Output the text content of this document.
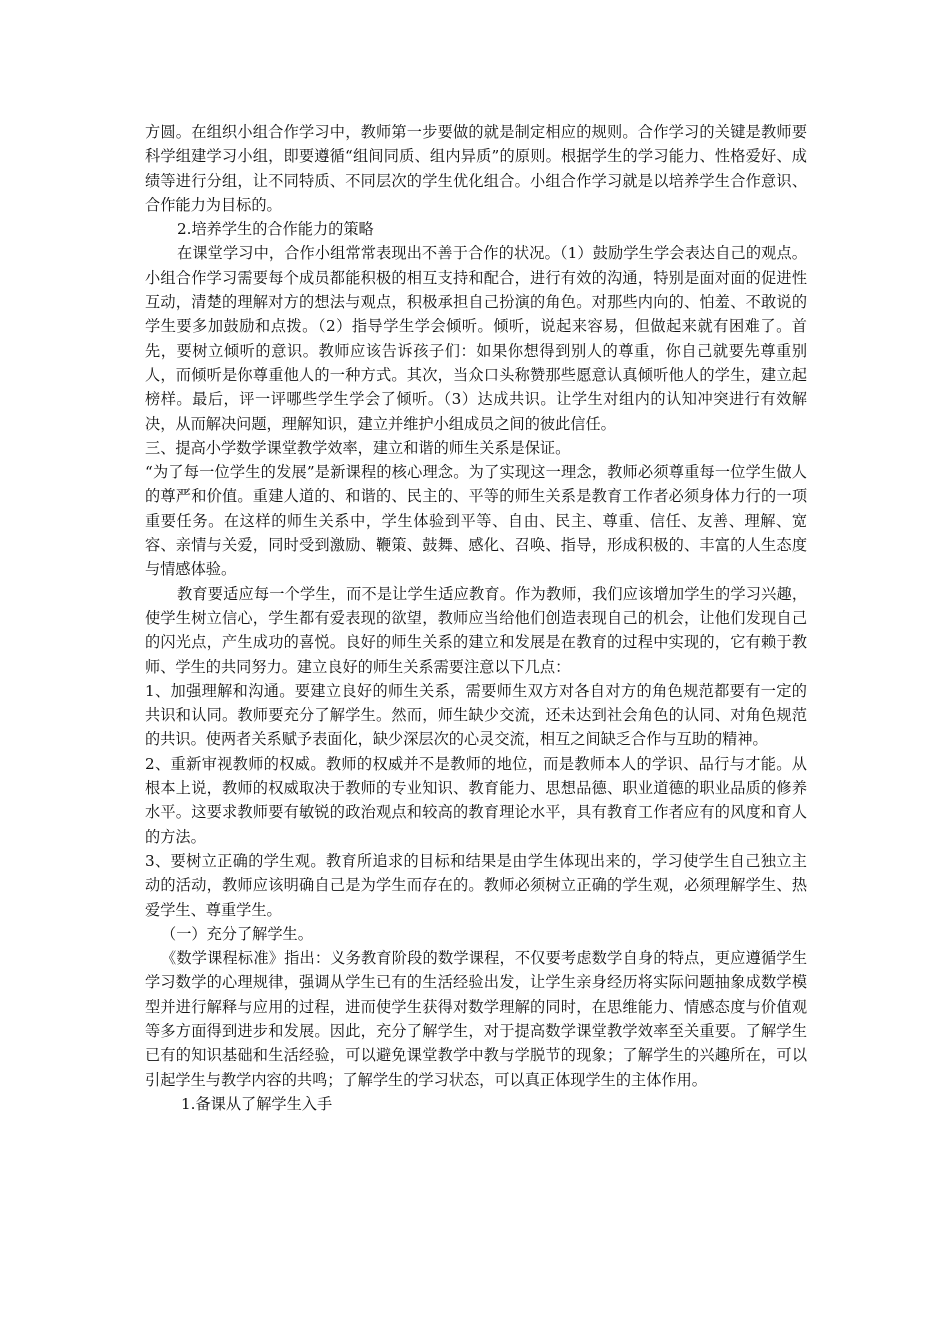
方圆。在组织小组合作学习中，教师第一步要做的就是制定相应的规则。合作学习的关键是教师要科学组建学习小组，即要遵循“组间同质、组内异质”的原则。根据学生的学习能力、性格爱好、成绩等进行分组，让不同特质、不同层次的学生优化组合。小组合作学习就是以培养学生合作意识、合作能力为目标的。

2.培养学生的合作能力的策略

在课堂学习中，合作小组常常表现出不善于合作的状况。（1）鼓励学生学会表达自己的观点。小组合作学习需要每个成员都能积极的相互支持和配合，进行有效的沟通，特别是面对面的促进性互动，清楚的理解对方的想法与观点，积极承担自己扮演的角色。对那些内向的、怕羞、不敢说的学生要多加鼓励和点拨。（2）指导学生学会倾听。倾听，说起来容易，但做起来就有困难了。首先，要树立倾听的意识。教师应该告诉孩子们：如果你想得到别人的尊重，你自己就要先尊重别人，而倾听是你尊重他人的一种方式。其次，当众口头称赞那些愿意认真倾听他人的学生，建立起榜样。最后，评一评哪些学生学会了倾听。（3）达成共识。让学生对组内的认知冲突进行有效解决，从而解决问题，理解知识，建立并维护小组成员之间的彼此信任。

三、提高小学数学课堂教学效率，建立和谐的师生关系是保证。

“为了每一位学生的发展”是新课程的核心理念。为了实现这一理念，教师必须尊重每一位学生做人的尊严和价值。重建人道的、和谐的、民主的、平等的师生关系是教育工作者必须身体力行的一项重要任务。在这样的师生关系中，学生体验到平等、自由、民主、尊重、信任、友善、理解、宽容、亲情与关爱，同时受到激励、鞭策、鼓舞、感化、召唤、指导，形成积极的、丰富的人生态度与情感体验。

教育要适应每一个学生，而不是让学生适应教育。作为教师，我们应该增加学生的学习兴趣，使学生树立信心，学生都有爱表现的欲望，教师应当给他们创造表现自己的机会，让他们发现自己的闪光点，产生成功的喜悦。良好的师生关系的建立和发展是在教育的过程中实现的，它有赖于教师、学生的共同努力。建立良好的师生关系需要注意以下几点：

1、加强理解和沟通。要建立良好的师生关系，需要师生双方对各自对方的角色规范都要有一定的共识和认同。教师要充分了解学生。然而，师生缺少交流，还未达到社会角色的认同、对角色规范的共识。使两者关系赋予表面化，缺少深层次的心灵交流，相互之间缺乏合作与互助的精神。

2、重新审视教师的权威。教师的权威并不是教师的地位，而是教师本人的学识、品行与才能。从根本上说，教师的权威取决于教师的专业知识、教育能力、思想品德、职业道德的职业品质的修养水平。这要求教师要有敏锐的政治观点和较高的教育理论水平，具有教育工作者应有的风度和育人的方法。

3、要树立正确的学生观。教育所追求的目标和结果是由学生体现出来的，学习使学生自己独立主动的活动，教师应该明确自己是为学生而存在的。教师必须树立正确的学生观，必须理解学生、热爱学生、尊重学生。

（一）充分了解学生。

《数学课程标准》指出：义务教育阶段的数学课程，不仅要考虑数学自身的特点，更应遵循学生学习数学的心理规律，强调从学生已有的生活经验出发，让学生亲身经历将实际问题抽象成数学模型并进行解释与应用的过程，进而使学生获得对数学理解的同时，在思维能力、情感态度与价值观等多方面得到进步和发展。因此，充分了解学生，对于提高数学课堂教学效率至关重要。了解学生已有的知识基础和生活经验，可以避免课堂教学中教与学脱节的现象；了解学生的兴趣所在，可以引起学生与教学内容的共鸣；了解学生的学习状态，可以真正体现学生的主体作用。

1.备课从了解学生入手
